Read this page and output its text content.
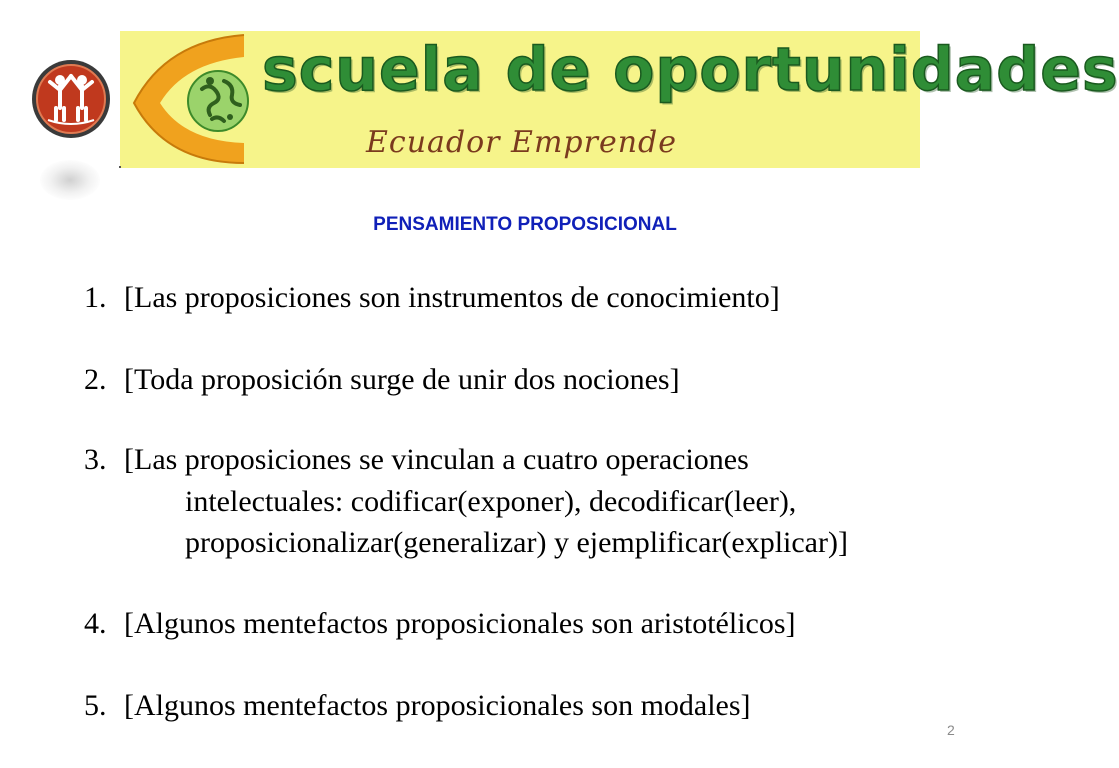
scuela de oportunidades
Ecuador Emprende
PENSAMIENTO PROPOSICIONAL
1. [Las proposiciones son instrumentos de conocimiento]
2. [Toda proposición surge de unir dos nociones]
3. [Las proposiciones se vinculan a cuatro operaciones
intelectuales: codificar(exponer), decodificar(leer),
proposicionalizar(generalizar) y ejemplificar(explicar)]
4. [Algunos mentefactos proposicionales son aristotélicos]
5. [Algunos mentefactos proposicionales son modales]
2
